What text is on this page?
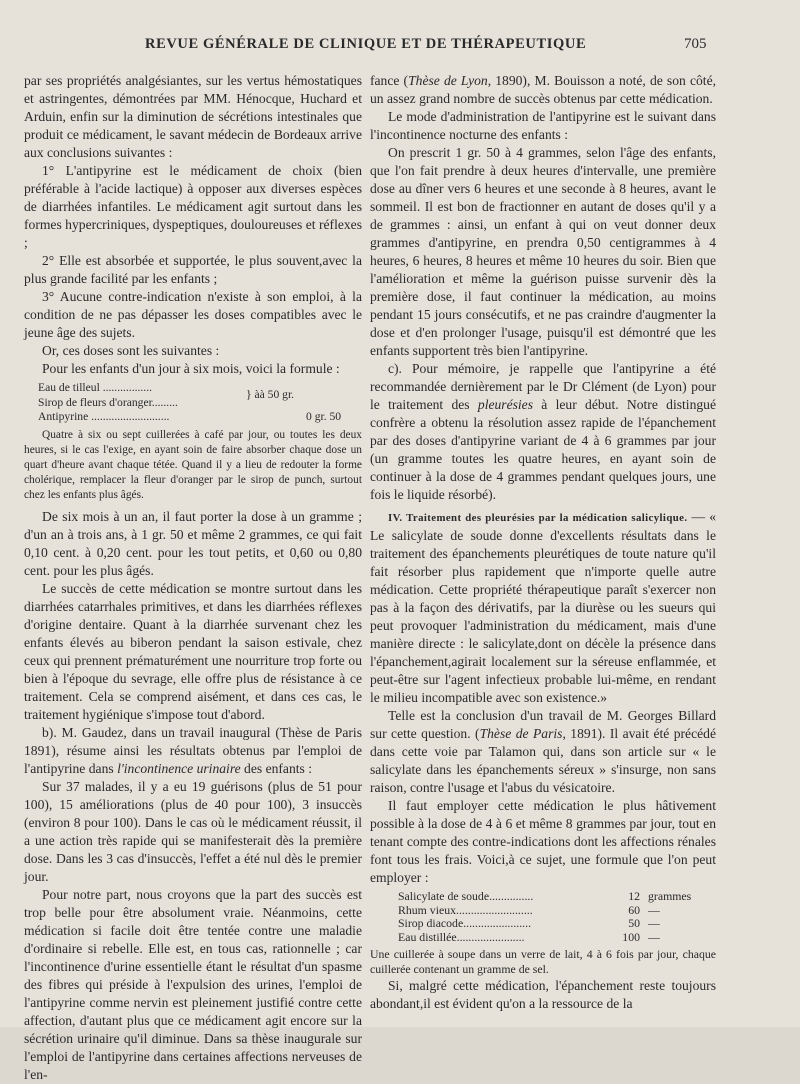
REVUE GÉNÉRALE DE CLINIQUE ET DE THÉRAPEUTIQUE	705

par ses propriétés analgésiantes, sur les vertus hémostatiques et astringentes, démontrées par MM. Hénocque, Huchard et Arduin, enfin sur la diminution de sécrétions intestinales que produit ce médicament, le savant médecin de Bordeaux arrive aux conclusions suivantes :

1° L'antipyrine est le médicament de choix (bien préférable à l'acide lactique) à opposer aux diverses espèces de diarrhées infantiles. Le médicament agit surtout dans les formes hypercriniques, dyspeptiques, douloureuses et réflexes ;

2° Elle est absorbée et supportée, le plus souvent,avec la plus grande facilité par les enfants ;

3° Aucune contre-indication n'existe à son emploi, à la condition de ne pas dépasser les doses compatibles avec le jeune âge des sujets.

Or, ces doses sont les suivantes :

Pour les enfants d'un jour à six mois, voici la formule :

Eau de tilleul .................
} àà 50 gr.
Sirop de fleurs d'oranger.........
Antipyrine ...........................	0 gr. 50

Quatre à six ou sept cuillerées à café par jour, ou toutes les deux heures, si le cas l'exige, en ayant soin de faire absorber chaque dose un quart d'heure avant chaque tétée. Quand il y a lieu de redouter la forme cholérique, remplacer la fleur d'oranger par le sirop de punch, surtout chez les enfants plus âgés.

De six mois à un an, il faut porter la dose à un gramme ; d'un an à trois ans, à 1 gr. 50 et même 2 grammes, ce qui fait 0,10 cent. à 0,20 cent. pour les tout petits, et 0,60 ou 0,80 cent. pour les plus âgés.

Le succès de cette médication se montre surtout dans les diarrhées catarrhales primitives, et dans les diarrhées réflexes d'origine dentaire. Quant à la diarrhée survenant chez les enfants élevés au biberon pendant la saison estivale, chez ceux qui prennent prématurément une nourriture trop forte ou bien à l'époque du sevrage, elle offre plus de résistance à ce traitement. Cela se comprend aisément, et dans ces cas, le traitement hygiénique s'impose tout d'abord.

b). M. Gaudez, dans un travail inaugural (Thèse de Paris 1891), résume ainsi les résultats obtenus par l'emploi de l'antipyrine dans l'incontinence urinaire des enfants :

Sur 37 malades, il y a eu 19 guérisons (plus de 51 pour 100), 15 améliorations (plus de 40 pour 100), 3 insuccès (environ 8 pour 100). Dans le cas où le médicament réussit, il a une action très rapide qui se manifesterait dès la première dose. Dans les 3 cas d'insuccès, l'effet a été nul dès le premier jour.

Pour notre part, nous croyons que la part des succès est trop belle pour être absolument vraie. Néanmoins, cette médication si facile doit être tentée contre une maladie d'ordinaire si rebelle. Elle est, en tous cas, rationnelle ; car l'incontinence d'urine essentielle étant le résultat d'un spasme des fibres qui préside à l'expulsion des urines, l'emploi de l'antipyrine comme nervin est pleinement justifié contre cette affection, d'autant plus que ce médicament agit encore sur la sécrétion urinaire qu'il diminue. Dans sa thèse inaugurale sur l'emploi de l'antipyrine dans certaines affections nerveuses de l'en-

fance (Thèse de Lyon, 1890), M. Bouisson a noté, de son côté, un assez grand nombre de succès obtenus par cette médication.

Le mode d'administration de l'antipyrine est le suivant dans l'incontinence nocturne des enfants :

On prescrit 1 gr. 50 à 4 grammes, selon l'âge des enfants, que l'on fait prendre à deux heures d'intervalle, une première dose au dîner vers 6 heures et une seconde à 8 heures, avant le sommeil. Il est bon de fractionner en autant de doses qu'il y a de grammes : ainsi, un enfant à qui on veut donner deux grammes d'antipyrine, en prendra 0,50 centigrammes à 4 heures, 6 heures, 8 heures et même 10 heures du soir. Bien que l'amélioration et même la guérison puisse survenir dès la première dose, il faut continuer la médication, au moins pendant 15 jours consécutifs, et ne pas craindre d'augmenter la dose et d'en prolonger l'usage, puisqu'il est démontré que les enfants supportent très bien l'antipyrine.

c). Pour mémoire, je rappelle que l'antipyrine a été recommandée dernièrement par le Dr Clément (de Lyon) pour le traitement des pleurésies à leur début. Notre distingué confrère a obtenu la résolution assez rapide de l'épanchement par des doses d'antipyrine variant de 4 à 6 grammes par jour (un gramme toutes les quatre heures, en ayant soin de continuer à la dose de 4 grammes pendant quelques jours, une fois le liquide résorbé).

IV. Traitement des pleurésies par la médication salicylique. — « Le salicylate de soude donne d'excellents résultats dans le traitement des épanchements pleurétiques de toute nature qu'il fait résorber plus rapidement que n'importe quelle autre médication. Cette propriété thérapeutique paraît s'exercer non pas à la façon des dérivatifs, par la diurèse ou les sueurs qui peut provoquer l'administration du médicament, mais d'une manière directe : le salicylate,dont on décèle la présence dans l'épanchement,agirait localement sur la séreuse enflammée, et peut-être sur l'agent infectieux probable lui-même, en rendant le milieu incompatible avec son existence.»

Telle est la conclusion d'un travail de M. Georges Billard sur cette question. (Thèse de Paris, 1891). Il avait été précédé dans cette voie par Talamon qui, dans son article sur « le salicylate dans les épanchements séreux » s'insurge, non sans raison, contre l'usage et l'abus du vésicatoire.

Il faut employer cette médication le plus hâtivement possible à la dose de 4 à 6 et même 8 grammes par jour, tout en tenant compte des contre-indications dont les affections rénales font tous les frais. Voici,à ce sujet, une formule que l'on peut employer :

Salicylate de soude...............	12 grammes
Rhum vieux..........................	60 —
Sirop diacode.......................	50 —
Eau distillée.......................	100 —

Une cuillerée à soupe dans un verre de lait, 4 à 6 fois par jour, chaque cuillerée contenant un gramme de sel.

Si, malgré cette médication, l'épanchement reste toujours abondant,il est évident qu'on a la ressource de la
